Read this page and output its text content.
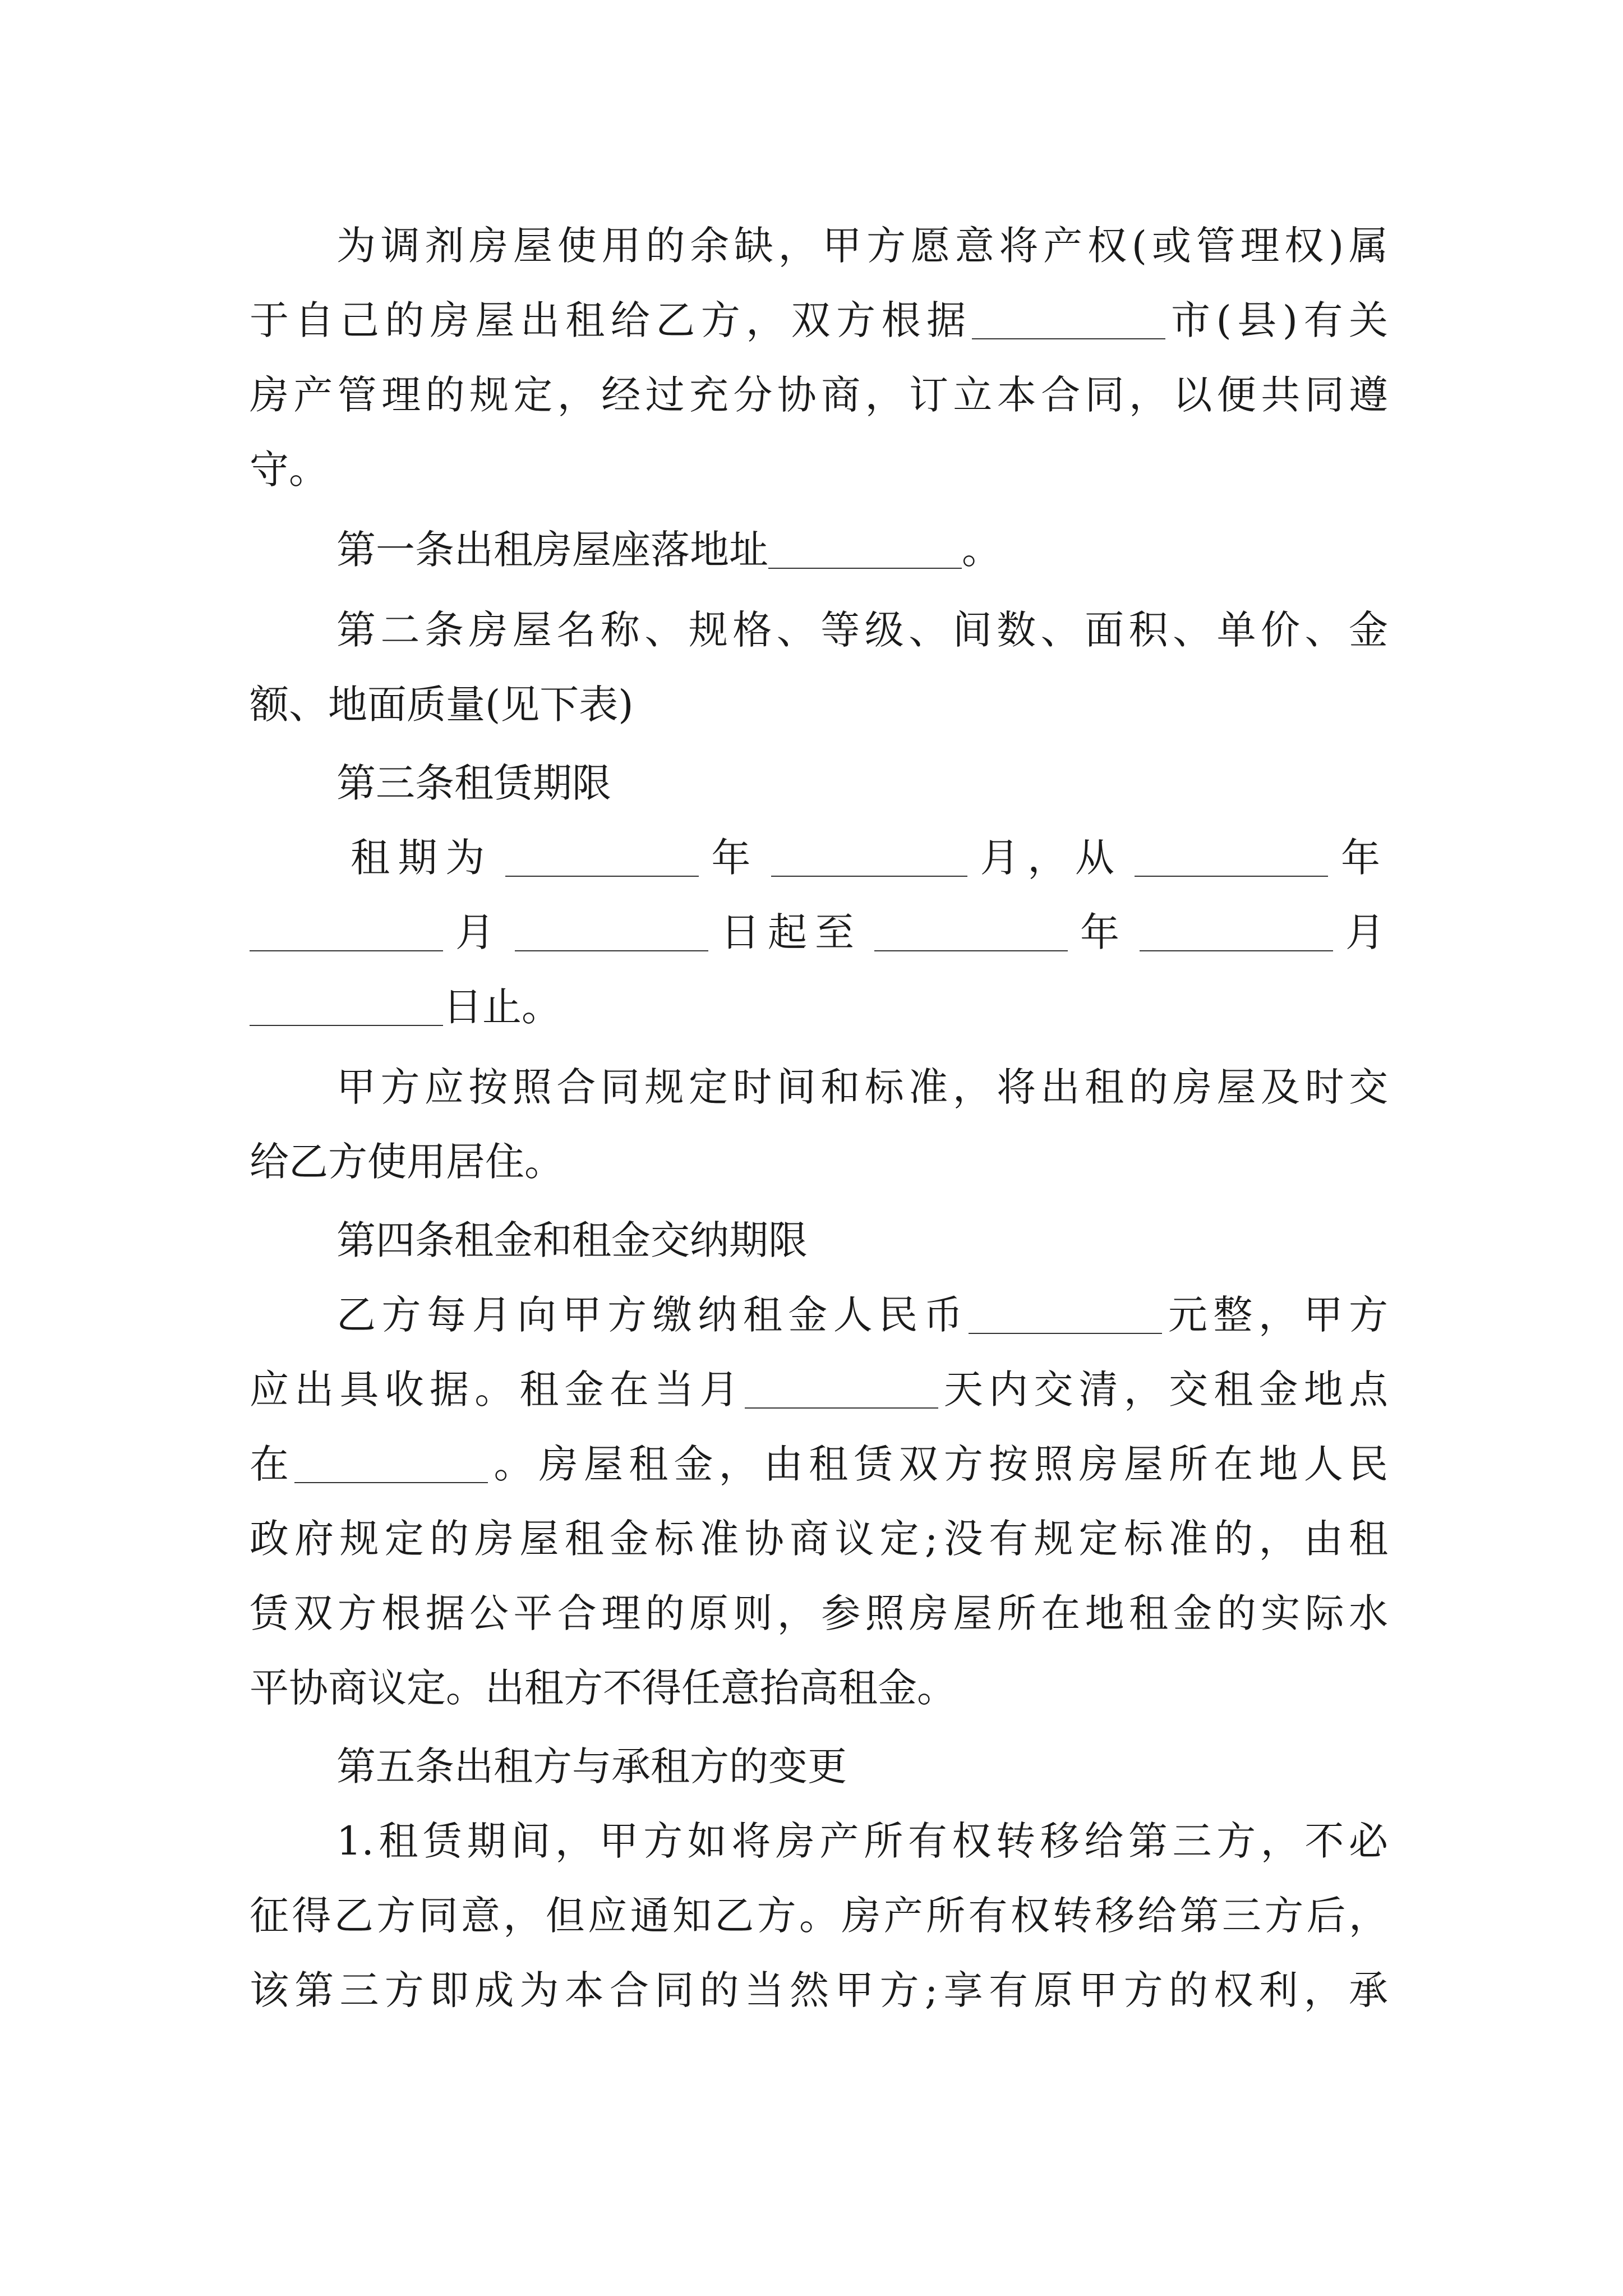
为调剂房屋使用的余缺，甲方愿意将产权(或管理权)属
于自己的房屋出租给乙方，双方根据	市(县)有关
房产管理的规定，经过充分协商，订立本合同，以便共同遵
守。
第一条出租房屋座落地址	。
第二条房屋名称、规格、等级、间数、面积、单价、金
额、地面质量(见下表)
第三条租赁期限
租期为	年	月，从	年
月	日起至	年	月
日止。
甲方应按照合同规定时间和标准，将出租的房屋及时交
给乙方使用居住。
第四条租金和租金交纳期限
乙方每月向甲方缴纳租金人民币	元整，甲方
应出具收据。租金在当月	天内交清，交租金地点
在	。房屋租金，由租赁双方按照房屋所在地人民
政府规定的房屋租金标准协商议定;没有规定标准的，由租
赁双方根据公平合理的原则，参照房屋所在地租金的实际水
平协商议定。出租方不得任意抬高租金。
第五条出租方与承租方的变更
1.租赁期间，甲方如将房产所有权转移给第三方，不必
征得乙方同意，但应通知乙方。房产所有权转移给第三方后，
该第三方即成为本合同的当然甲方;享有原甲方的权利，承
